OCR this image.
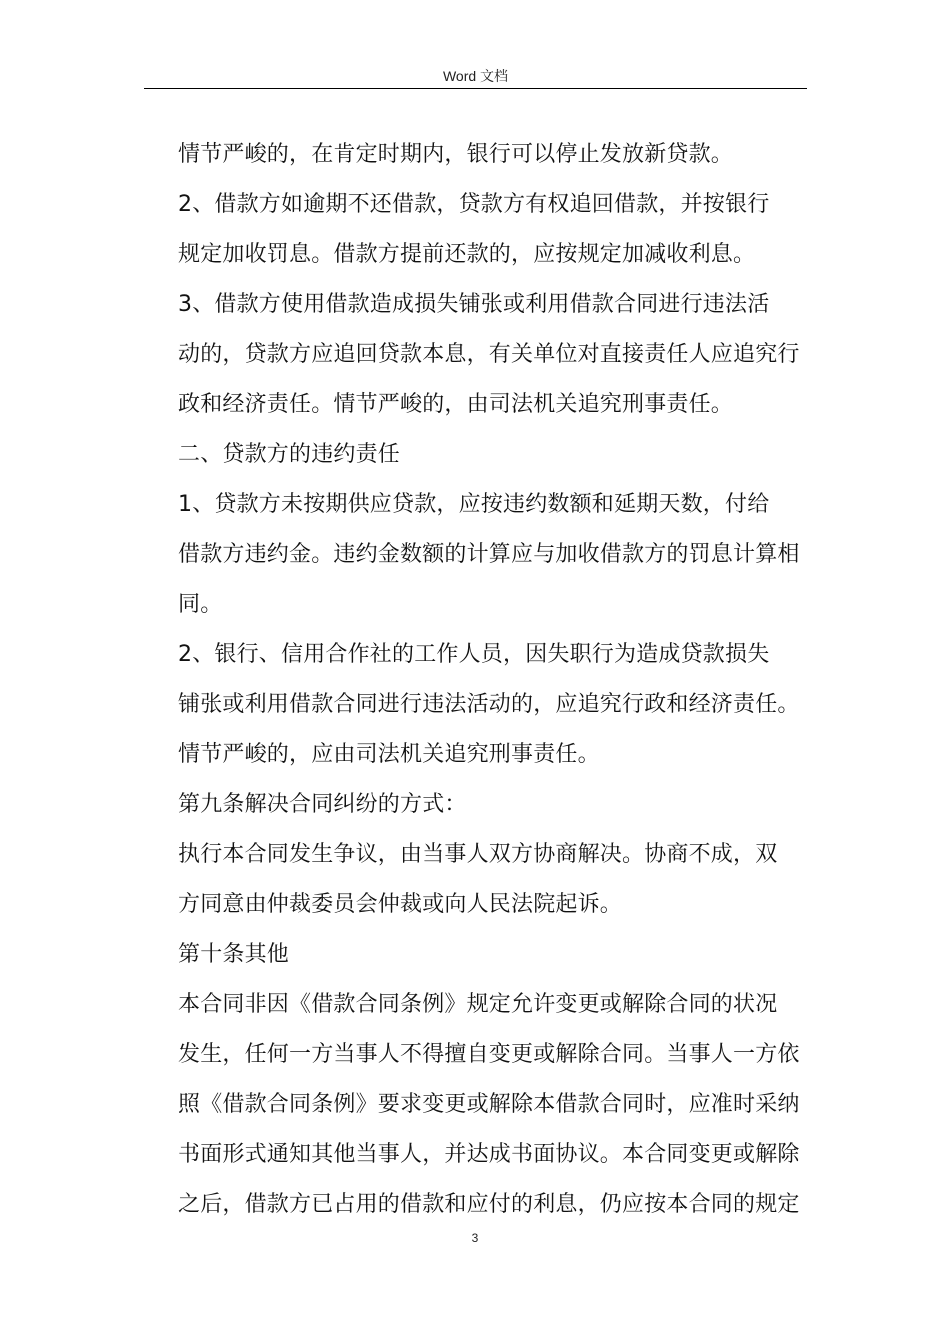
Word 文档
情节严峻的，在肯定时期内，银行可以停止发放新贷款。
2、借款方如逾期不还借款，贷款方有权追回借款，并按银行
规定加收罚息。借款方提前还款的，应按规定加减收利息。
3、借款方使用借款造成损失铺张或利用借款合同进行违法活
动的，贷款方应追回贷款本息，有关单位对直接责任人应追究行
政和经济责任。情节严峻的，由司法机关追究刑事责任。
二、贷款方的违约责任
1、贷款方未按期供应贷款，应按违约数额和延期天数，付给
借款方违约金。违约金数额的计算应与加收借款方的罚息计算相
同。
2、银行、信用合作社的工作人员，因失职行为造成贷款损失
铺张或利用借款合同进行违法活动的，应追究行政和经济责任。
情节严峻的，应由司法机关追究刑事责任。
第九条解决合同纠纷的方式：
执行本合同发生争议，由当事人双方协商解决。协商不成，双
方同意由仲裁委员会仲裁或向人民法院起诉。
第十条其他
本合同非因《借款合同条例》规定允许变更或解除合同的状况
发生，任何一方当事人不得擅自变更或解除合同。当事人一方依
照《借款合同条例》要求变更或解除本借款合同时，应准时采纳
书面形式通知其他当事人，并达成书面协议。本合同变更或解除
之后，借款方已占用的借款和应付的利息，仍应按本合同的规定
3
